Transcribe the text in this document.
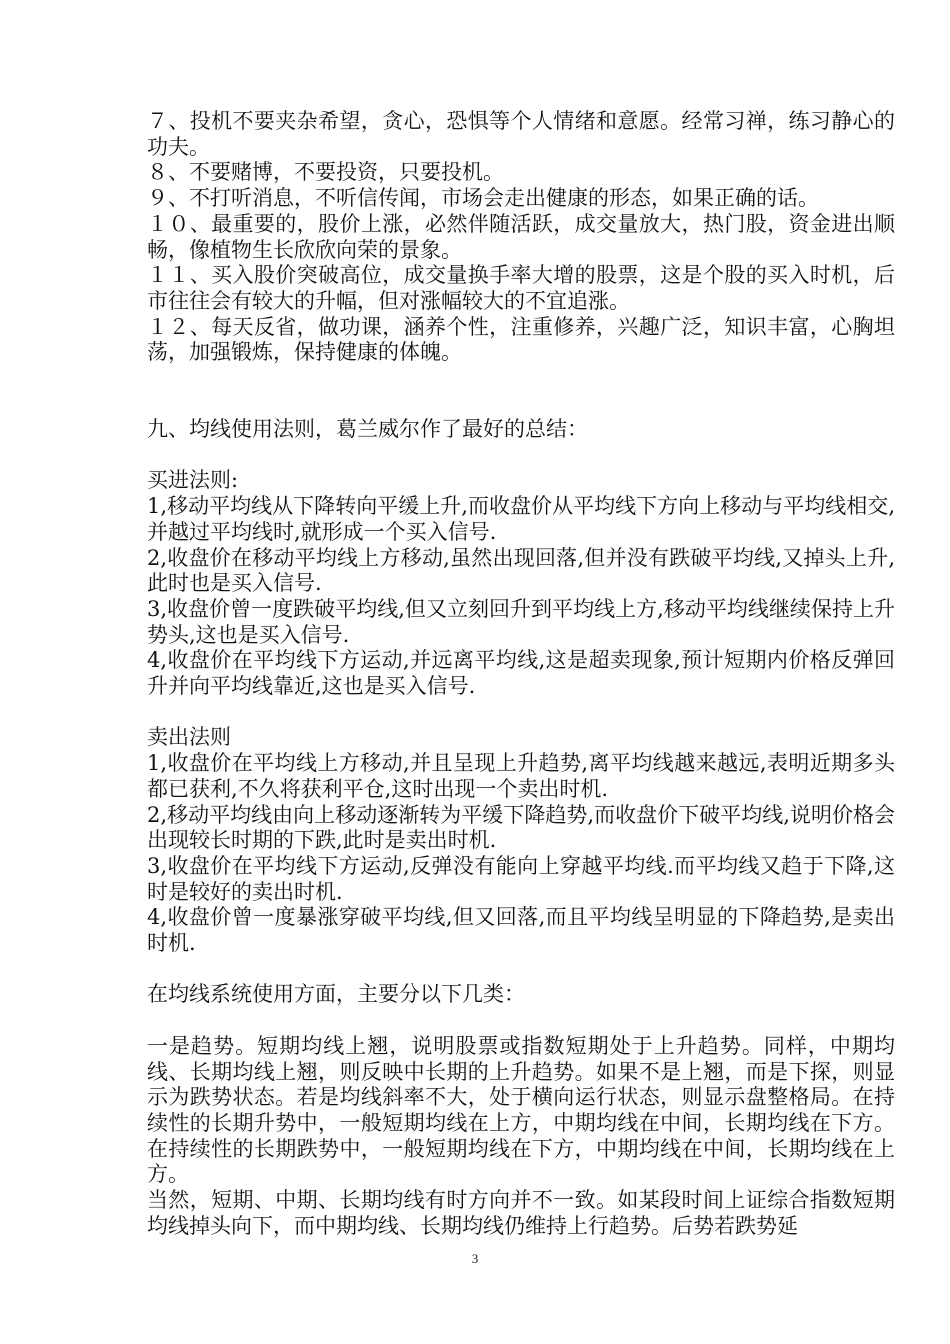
７、投机不要夹杂希望，贪心，恐惧等个人情绪和意愿。经常习禅，练习静心的功夫。

８、不要赌博，不要投资，只要投机。

９、不打听消息，不听信传闻，市场会走出健康的形态，如果正确的话。

１０、最重要的，股价上涨，必然伴随活跃，成交量放大，热门股，资金进出顺畅，像植物生长欣欣向荣的景象。

１１、买入股价突破高位，成交量换手率大增的股票，这是个股的买入时机，后市往往会有较大的升幅，但对涨幅较大的不宜追涨。

１２、每天反省，做功课，涵养个性，注重修养，兴趣广泛，知识丰富，心胸坦荡，加强锻炼，保持健康的体魄。

九、均线使用法则，葛兰威尔作了最好的总结：

买进法则:

1,移动平均线从下降转向平缓上升,而收盘价从平均线下方向上移动与平均线相交,并越过平均线时,就形成一个买入信号.

2,收盘价在移动平均线上方移动,虽然出现回落,但并没有跌破平均线,又掉头上升,此时也是买入信号.

3,收盘价曾一度跌破平均线,但又立刻回升到平均线上方,移动平均线继续保持上升势头,这也是买入信号.

4,收盘价在平均线下方运动,并远离平均线,这是超卖现象,预计短期内价格反弹回升并向平均线靠近,这也是买入信号.

卖出法则

1,收盘价在平均线上方移动,并且呈现上升趋势,离平均线越来越远,表明近期多头都已获利,不久将获利平仓,这时出现一个卖出时机.

2,移动平均线由向上移动逐渐转为平缓下降趋势,而收盘价下破平均线,说明价格会出现较长时期的下跌,此时是卖出时机.

3,收盘价在平均线下方运动,反弹没有能向上穿越平均线.而平均线又趋于下降,这时是较好的卖出时机.

4,收盘价曾一度暴涨穿破平均线,但又回落,而且平均线呈明显的下降趋势,是卖出时机.

在均线系统使用方面，主要分以下几类：

一是趋势。短期均线上翘，说明股票或指数短期处于上升趋势。同样，中期均线、长期均线上翘，则反映中长期的上升趋势。如果不是上翘，而是下探，则显示为跌势状态。若是均线斜率不大，处于横向运行状态，则显示盘整格局。在持续性的长期升势中，一般短期均线在上方，中期均线在中间，长期均线在下方。在持续性的长期跌势中，一般短期均线在下方，中期均线在中间，长期均线在上方。

当然，短期、中期、长期均线有时方向并不一致。如某段时间上证综合指数短期均线掉头向下，而中期均线、长期均线仍维持上行趋势。后势若跌势延

3
